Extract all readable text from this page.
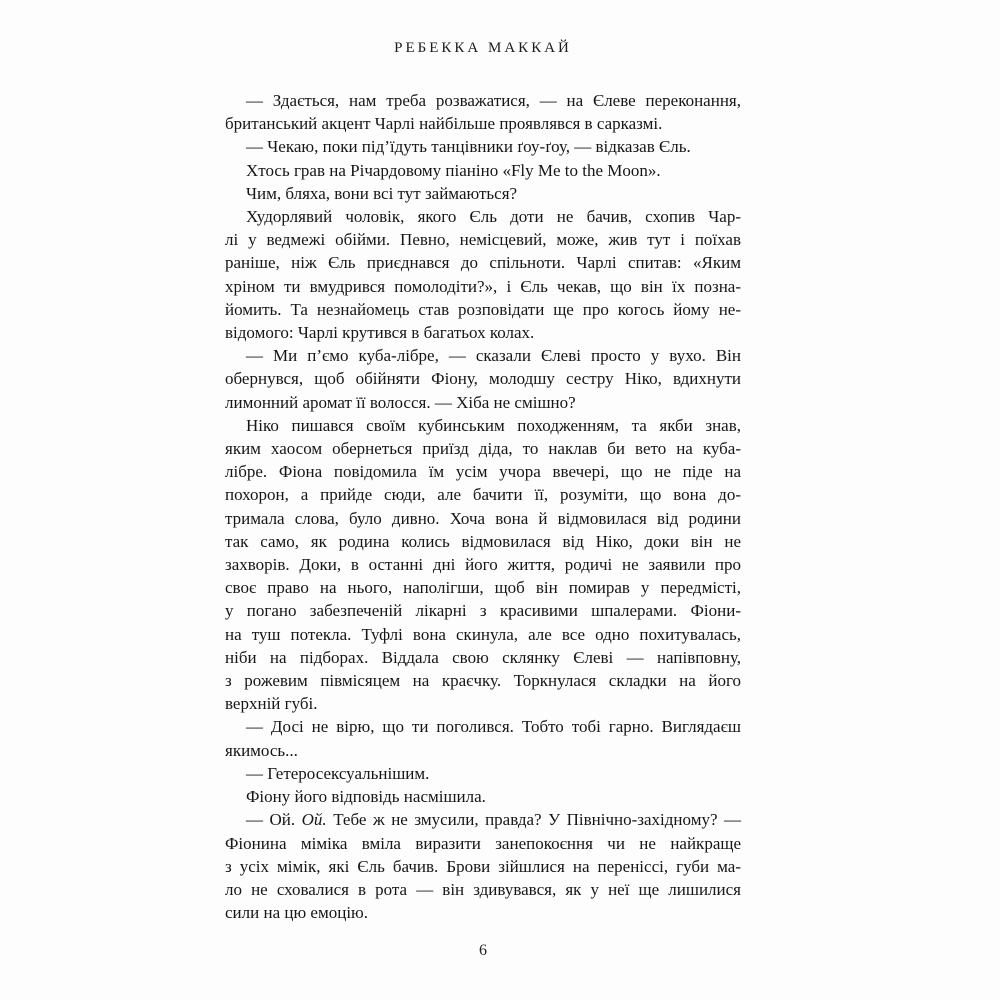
РЕБЕККА МАККАЙ
— Здається, нам треба розважатися, — на Єлеве переконання,
британський акцент Чарлі найбільше проявлявся в сарказмі.
— Чекаю, поки під’їдуть танцівники ґоу-ґоу, — відказав Єль.
Хтось грав на Річардовому піаніно «Fly Me to the Moon».
Чим, бляха, вони всі тут займаються?
Худорлявий чоловік, якого Єль доти не бачив, схопив Чар-
лі у ведмежі обійми. Певно, немісцевий, може, жив тут і поїхав
раніше, ніж Єль приєднався до спільноти. Чарлі спитав: «Яким
хріном ти вмудрився помолодіти?», і Єль чекав, що він їх позна-
йомить. Та незнайомець став розповідати ще про когось йому не-
відомого: Чарлі крутився в багатьох колах.
— Ми п’ємо куба-лібре, — сказали Єлеві просто у вухо. Він
обернувся, щоб обійняти Фіону, молодшу сестру Ніко, вдихнути
лимонний аромат її волосся. — Хіба не смішно?
Ніко пишався своїм кубинським походженням, та якби знав,
яким хаосом обернеться приїзд діда, то наклав би вето на куба-
лібре. Фіона повідомила їм усім учора ввечері, що не піде на
похорон, а прийде сюди, але бачити її, розуміти, що вона до-
тримала слова, було дивно. Хоча вона й відмовилася від родини
так само, як родина колись відмовилася від Ніко, доки він не
захворів. Доки, в останні дні його життя, родичі не заявили про
своє право на нього, наполігши, щоб він помирав у передмісті,
у погано забезпеченій лікарні з красивими шпалерами. Фіони-
на туш потекла. Туфлі вона скинула, але все одно похитувалась,
ніби на підборах. Віддала свою склянку Єлеві — напівповну,
з рожевим півмісяцем на краєчку. Торкнулася складки на його
верхній губі.
— Досі не вірю, що ти поголився. Тобто тобі гарно. Виглядаєш
якимось...
— Гетеросексуальнішим.
Фіону його відповідь насмішила.
— Ой. Ой. Тебе ж не змусили, правда? У Північно-західному? —
Фіонина міміка вміла виразити занепокоєння чи не найкраще
з усіх мімік, які Єль бачив. Брови зійшлися на переніссі, губи ма-
ло не сховалися в рота — він здивувався, як у неї ще лишилися
сили на цю емоцію.
6
